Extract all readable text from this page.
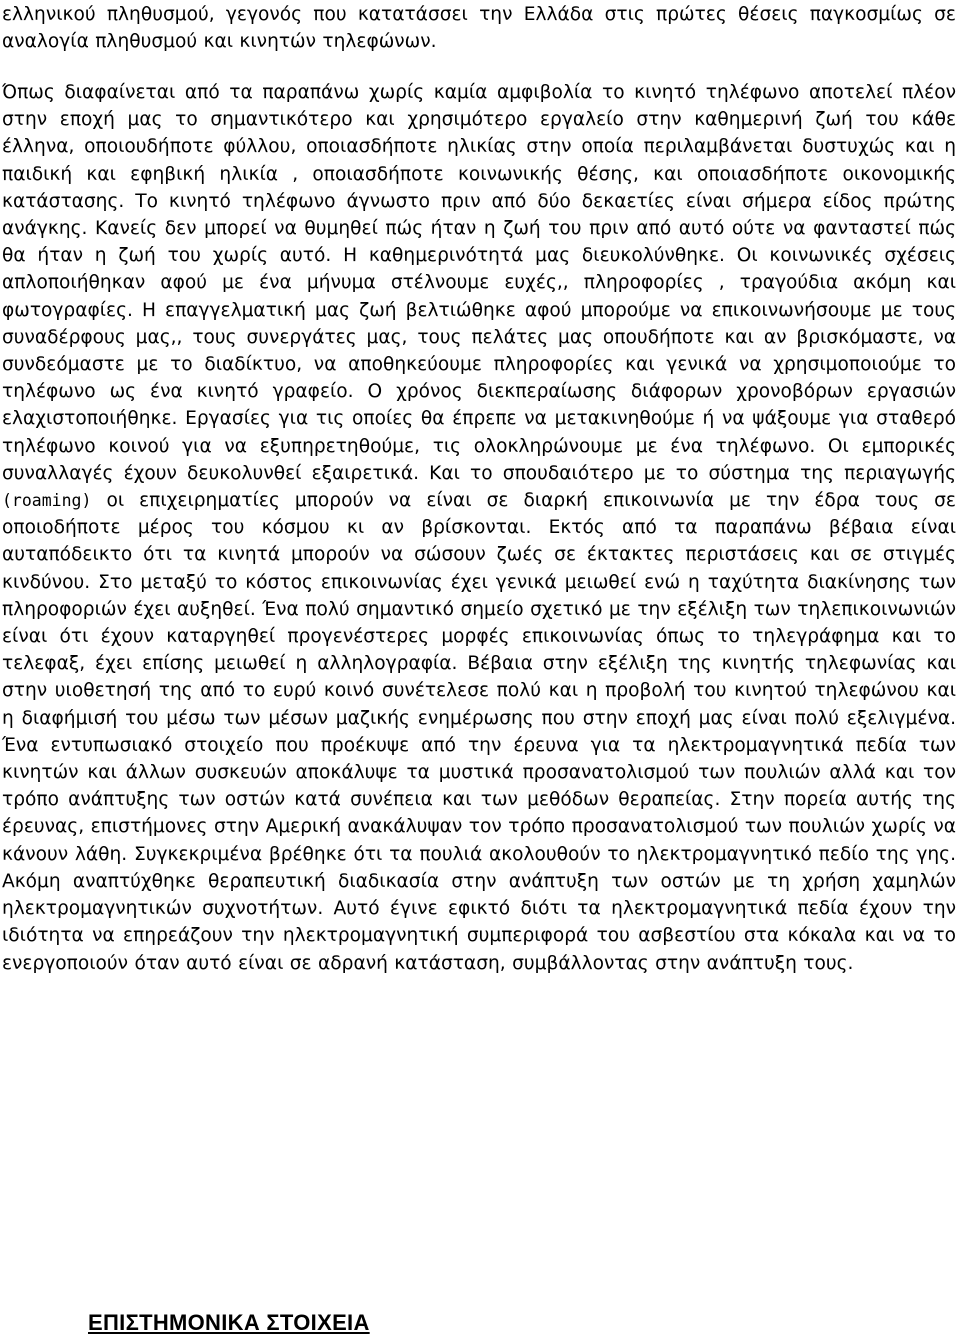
ελληνικού πληθυσμού, γεγονός που κατατάσσει την Ελλάδα στις πρώτες θέσεις παγκοσμίως σε αναλογία πληθυσμού και κινητών τηλεφώνων.

Όπως διαφαίνεται από τα παραπάνω χωρίς καμία αμφιβολία το κινητό τηλέφωνο αποτελεί πλέον στην εποχή μας το σημαντικότερο και χρησιμότερο εργαλείο στην καθημερινή ζωή του κάθε έλληνα, οποιουδήποτε φύλλου, οποιασδήποτε ηλικίας στην οποία περιλαμβάνεται δυστυχώς και η παιδική και εφηβική ηλικία , οποιασδήποτε κοινωνικής θέσης, και οποιασδήποτε οικονομικής κατάστασης. Το κινητό τηλέφωνο άγνωστο πριν από δύο δεκαετίες είναι σήμερα είδος πρώτης ανάγκης. Κανείς δεν μπορεί να θυμηθεί πώς ήταν η ζωή του πριν από αυτό ούτε να φανταστεί πώς θα ήταν η ζωή του χωρίς αυτό. Η καθημερινότητά μας διευκολύνθηκε. Οι κοινωνικές σχέσεις απλοποιήθηκαν αφού με ένα μήνυμα στέλνουμε ευχές,, πληροφορίες , τραγούδια ακόμη και φωτογραφίες. Η επαγγελματική μας ζωή βελτιώθηκε αφού μπορούμε να επικοινωνήσουμε με τους συναδέρφους μας,, τους συνεργάτες μας, τους πελάτες μας οπουδήποτε και αν βρισκόμαστε, να συνδεόμαστε με το διαδίκτυο, να αποθηκεύουμε πληροφορίες και γενικά να χρησιμοποιούμε το τηλέφωνο ως ένα κινητό γραφείο. Ο χρόνος διεκπεραίωσης διάφορων χρονοβόρων εργασιών ελαχιστοποιήθηκε. Εργασίες για τις οποίες θα έπρεπε να μετακινηθούμε ή να ψάξουμε για σταθερό τηλέφωνο κοινού για να εξυπηρετηθούμε, τις ολοκληρώνουμε με ένα τηλέφωνο. Οι εμπορικές συναλλαγές έχουν δευκολυνθεί εξαιρετικά. Και το σπουδαιότερο με το σύστημα της περιαγωγής (roaming) οι επιχειρηματίες μπορούν να είναι σε διαρκή επικοινωνία με την έδρα τους σε οποιοδήποτε μέρος του κόσμου κι αν βρίσκονται. Εκτός από τα παραπάνω βέβαια είναι αυταπόδεικτο ότι τα κινητά μπορούν να σώσουν ζωές σε έκτακτες περιστάσεις και σε στιγμές κινδύνου. Στο μεταξύ το κόστος επικοινωνίας έχει γενικά μειωθεί ενώ η ταχύτητα διακίνησης των πληροφοριών έχει αυξηθεί. Ένα πολύ σημαντικό σημείο σχετικό με την εξέλιξη των τηλεπικοινωνιών είναι ότι έχουν καταργηθεί προγενέστερες μορφές επικοινωνίας όπως το τηλεγράφημα και το τελεφαξ, έχει επίσης μειωθεί η αλληλογραφία. Βέβαια στην εξέλιξη της κινητής τηλεφωνίας και στην υιοθετησή της από το ευρύ κοινό συνέτελεσε πολύ και η προβολή του κινητού τηλεφώνου και η διαφήμισή του μέσω των μέσων μαζικής ενημέρωσης που στην εποχή μας είναι πολύ εξελιγμένα. Ένα εντυπωσιακό στοιχείο που προέκυψε από την έρευνα για τα ηλεκτρομαγνητικά πεδία των κινητών και άλλων συσκευών αποκάλυψε τα μυστικά προσανατολισμού των πουλιών αλλά και τον τρόπο ανάπτυξης των οστών κατά συνέπεια και των μεθόδων θεραπείας. Στην πορεία αυτής της έρευνας, επιστήμονες στην Αμερική ανακάλυψαν τον τρόπο προσανατολισμού των πουλιών χωρίς να κάνουν λάθη. Συγκεκριμένα βρέθηκε ότι τα πουλιά ακολουθούν το ηλεκτρομαγνητικό πεδίο της γης. Ακόμη αναπτύχθηκε θεραπευτική διαδικασία στην ανάπτυξη των οστών με τη χρήση χαμηλών ηλεκτρομαγνητικών συχνοτήτων. Αυτό έγινε εφικτό διότι τα ηλεκτρομαγνητικά πεδία έχουν την ιδιότητα να επηρεάζουν την ηλεκτρομαγνητική συμπεριφορά του ασβεστίου στα κόκαλα και να το ενεργοποιούν όταν αυτό είναι σε αδρανή κατάσταση, συμβάλλοντας στην ανάπτυξη τους.

ΕΠΙΣΤΗΜΟΝΙΚΑ ΣΤΟΙΧΕΙΑ
